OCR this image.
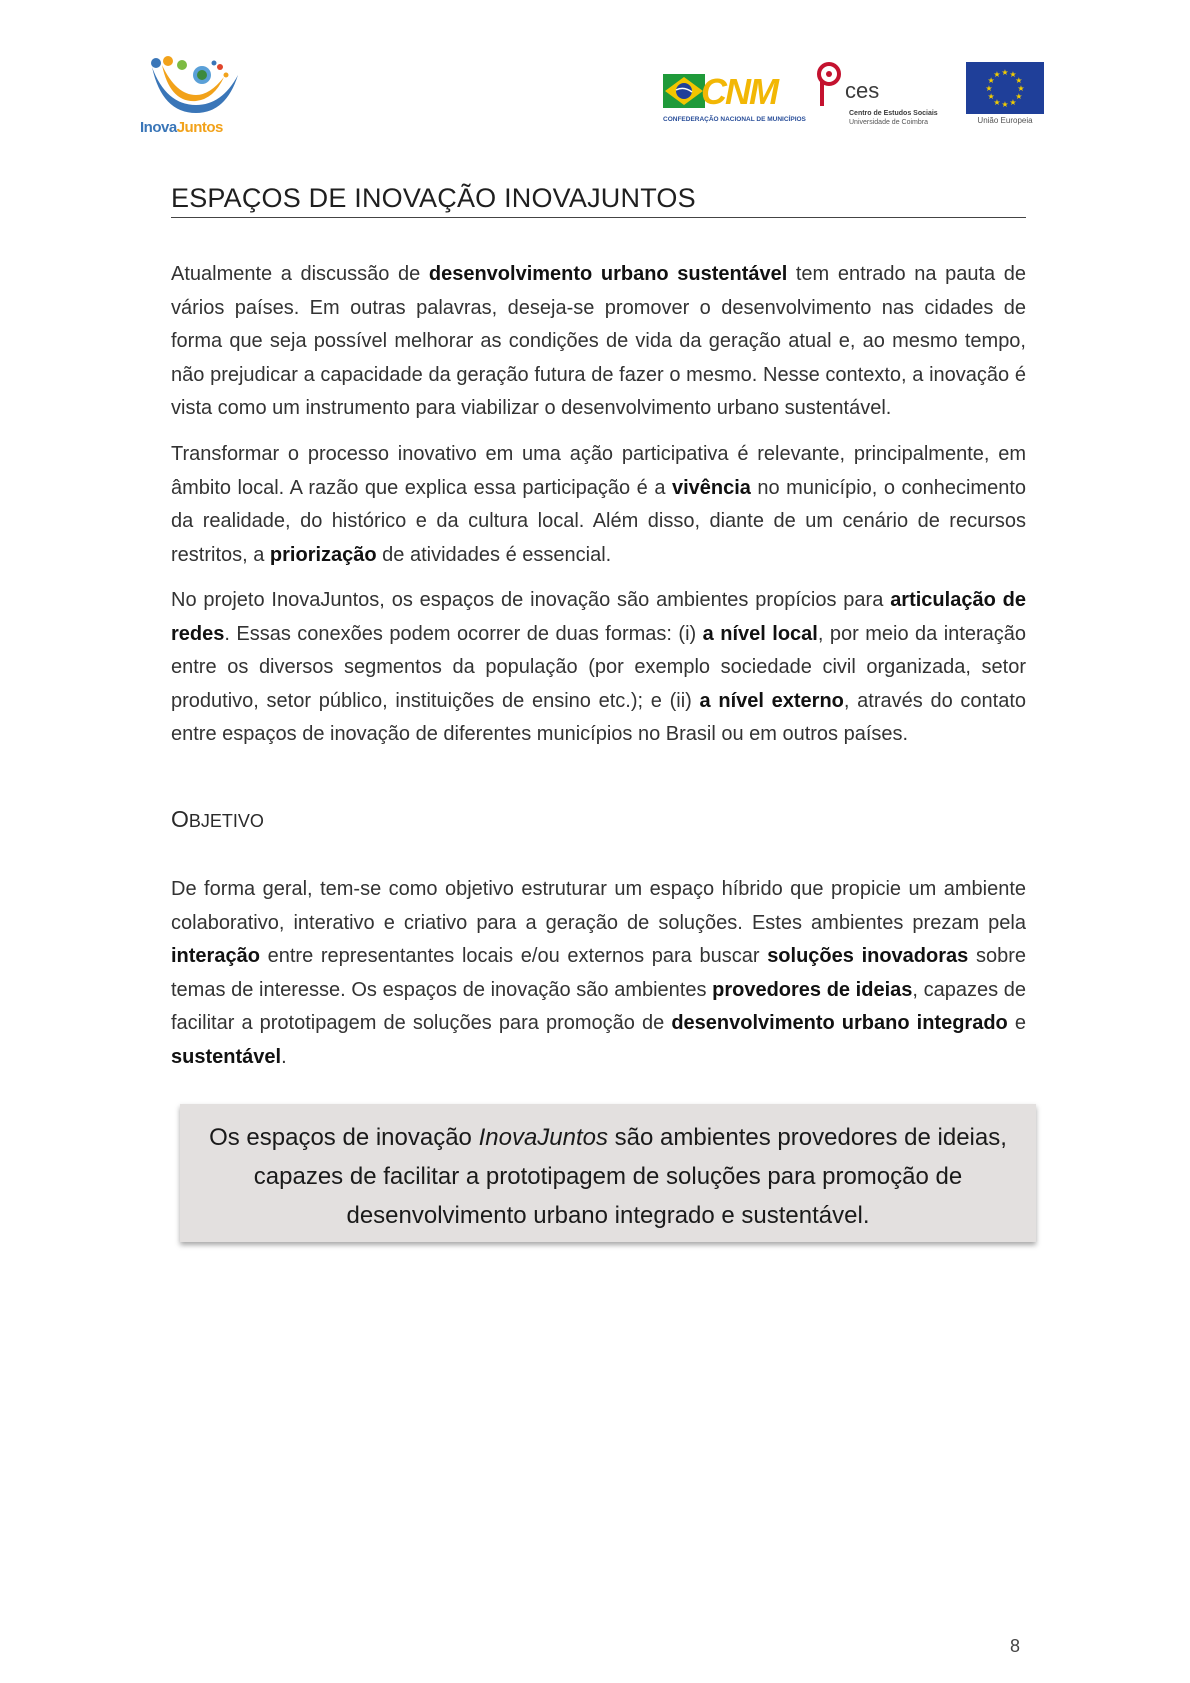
InovaJuntos
CNM
CONFEDERAÇÃO NACIONAL DE MUNICÍPIOS
ces
Centro de Estudos Sociais
Universidade de Coimbra
★ ★
★
★
★
★
★
★
★
★
★
★
União Europeia
ESPAÇOS DE INOVAÇÃO INOVAJUNTOS

Atualmente a discussão de desenvolvimento urbano sustentável tem entrado na pauta de vários países. Em outras palavras, deseja-se promover o desenvolvimento nas cidades de forma que seja possível melhorar as condições de vida da geração atual e, ao mesmo tempo, não prejudicar a capacidade da geração futura de fazer o mesmo. Nesse contexto, a inovação é vista como um instrumento para viabilizar o desenvolvimento urbano sustentável.

Transformar o processo inovativo em uma ação participativa é relevante, principalmente, em âmbito local. A razão que explica essa participação é a vivência no município, o conhecimento da realidade, do histórico e da cultura local. Além disso, diante de um cenário de recursos restritos, a priorização de atividades é essencial.

No projeto InovaJuntos, os espaços de inovação são ambientes propícios para articulação de redes. Essas conexões podem ocorrer de duas formas: (i) a nível local, por meio da interação entre os diversos segmentos da população (por exemplo sociedade civil organizada, setor produtivo, setor público, instituições de ensino etc.); e (ii) a nível externo, através do contato entre espaços de inovação de diferentes municípios no Brasil ou em outros países.

OBJETIVO

De forma geral, tem-se como objetivo estruturar um espaço híbrido que propicie um ambiente colaborativo, interativo e criativo para a geração de soluções. Estes ambientes prezam pela interação entre representantes locais e/ou externos para buscar soluções inovadoras sobre temas de interesse. Os espaços de inovação são ambientes provedores de ideias, capazes de facilitar a prototipagem de soluções para promoção de desenvolvimento urbano integrado e sustentável.

Os espaços de inovação InovaJuntos são ambientes provedores de ideias, capazes de facilitar a prototipagem de soluções para promoção de desenvolvimento urbano integrado e sustentável.

8
